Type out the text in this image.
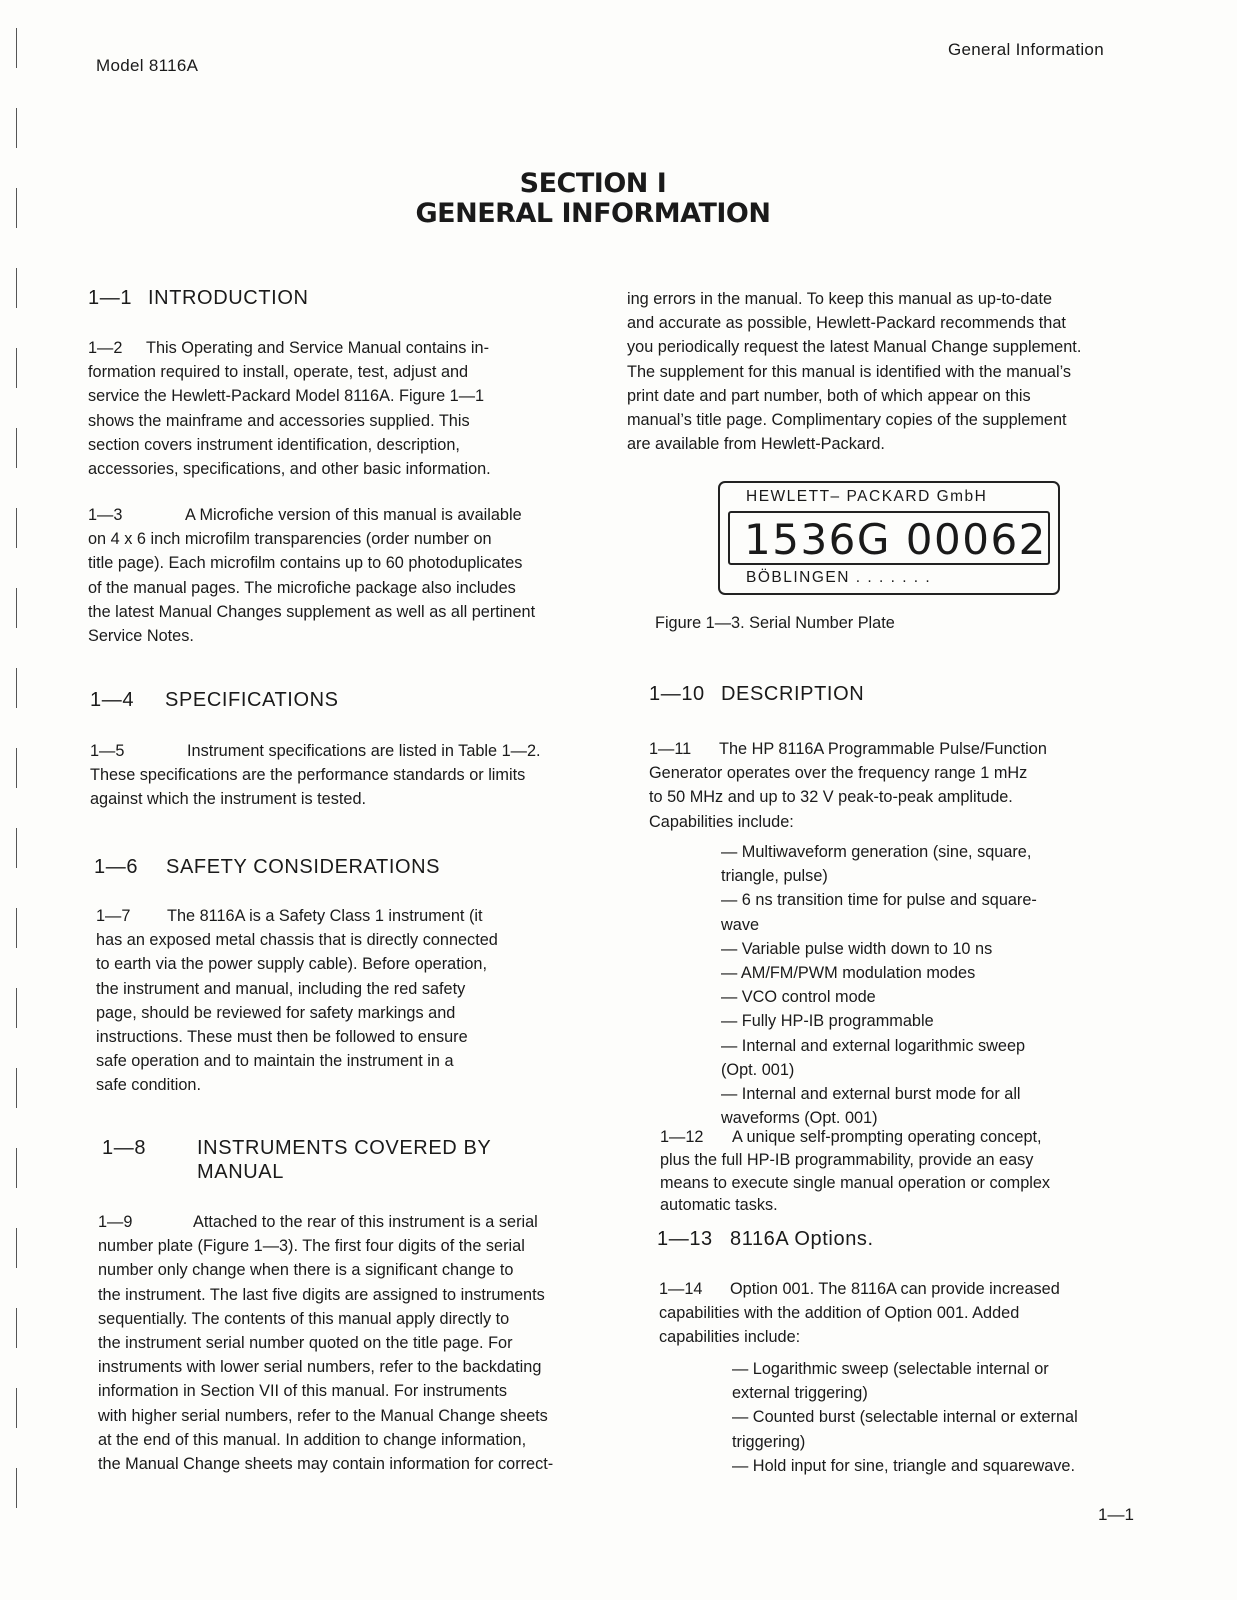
Model 8116A
General Information
SECTION I
GENERAL INFORMATION
1—1 INTRODUCTION
1—2 This Operating and Service Manual contains in-
formation required to install, operate, test, adjust and
service the Hewlett-Packard Model 8116A. Figure 1—1
shows the mainframe and accessories supplied. This
section covers instrument identification, description,
accessories, specifications, and other basic information.
1—3	A Microfiche version of this manual is available
on 4 x 6 inch microfilm transparencies (order number on
title page). Each microfilm contains up to 60 photoduplicates
of the manual pages. The microfiche package also includes
the latest Manual Changes supplement as well as all pertinent
Service Notes.
1—4 SPECIFICATIONS
1—5	Instrument specifications are listed in Table 1—2.
These specifications are the performance standards or limits
against which the instrument is tested.
1—6 SAFETY CONSIDERATIONS
1—7 The 8116A is a Safety Class 1 instrument (it
has an exposed metal chassis that is directly connected
to earth via the power supply cable). Before operation,
the instrument and manual, including the red safety
page, should be reviewed for safety markings and
instructions. These must then be followed to ensure
safe operation and to maintain the instrument in a
safe condition.
1—8	INSTRUMENTS COVERED BY
MANUAL
1—9	Attached to the rear of this instrument is a serial
number plate (Figure 1—3). The first four digits of the serial
number only change when there is a significant change to
the instrument. The last five digits are assigned to instruments
sequentially. The contents of this manual apply directly to
the instrument serial number quoted on the title page. For
instruments with lower serial numbers, refer to the backdating
information in Section VII of this manual. For instruments
with higher serial numbers, refer to the Manual Change sheets
at the end of this manual. In addition to change information,
the Manual Change sheets may contain information for correct-
ing errors in the manual. To keep this manual as up-to-date
and accurate as possible, Hewlett-Packard recommends that
you periodically request the latest Manual Change supplement.
The supplement for this manual is identified with the manual’s
print date and part number, both of which appear on this
manual’s title page. Complimentary copies of the supplement
are available from Hewlett-Packard.
HEWLETT– PACKARD GmbH
1536G 00062
BÖBLINGEN . . . . . . .
Figure 1—3. Serial Number Plate
1—10 DESCRIPTION
1—11 The HP 8116A Programmable Pulse/Function
Generator operates over the frequency range 1 mHz
to 50 MHz and up to 32 V peak-to-peak amplitude.
Capabilities include:
— Multiwaveform generation (sine, square,
triangle, pulse)
— 6 ns transition time for pulse and square-
wave
— Variable pulse width down to 10 ns
— AM/FM/PWM modulation modes
— VCO control mode
— Fully HP-IB programmable
— Internal and external logarithmic sweep
(Opt. 001)
— Internal and external burst mode for all
waveforms (Opt. 001)
1—12 A unique self-prompting operating concept,
plus the full HP-IB programmability, provide an easy
means to execute single manual operation or complex
automatic tasks.
1—13 8116A Options.
1—14 Option 001. The 8116A can provide increased
capabilities with the addition of Option 001. Added
capabilities include:
— Logarithmic sweep (selectable internal or
external triggering)
— Counted burst (selectable internal or external
triggering)
— Hold input for sine, triangle and squarewave.
1—1
